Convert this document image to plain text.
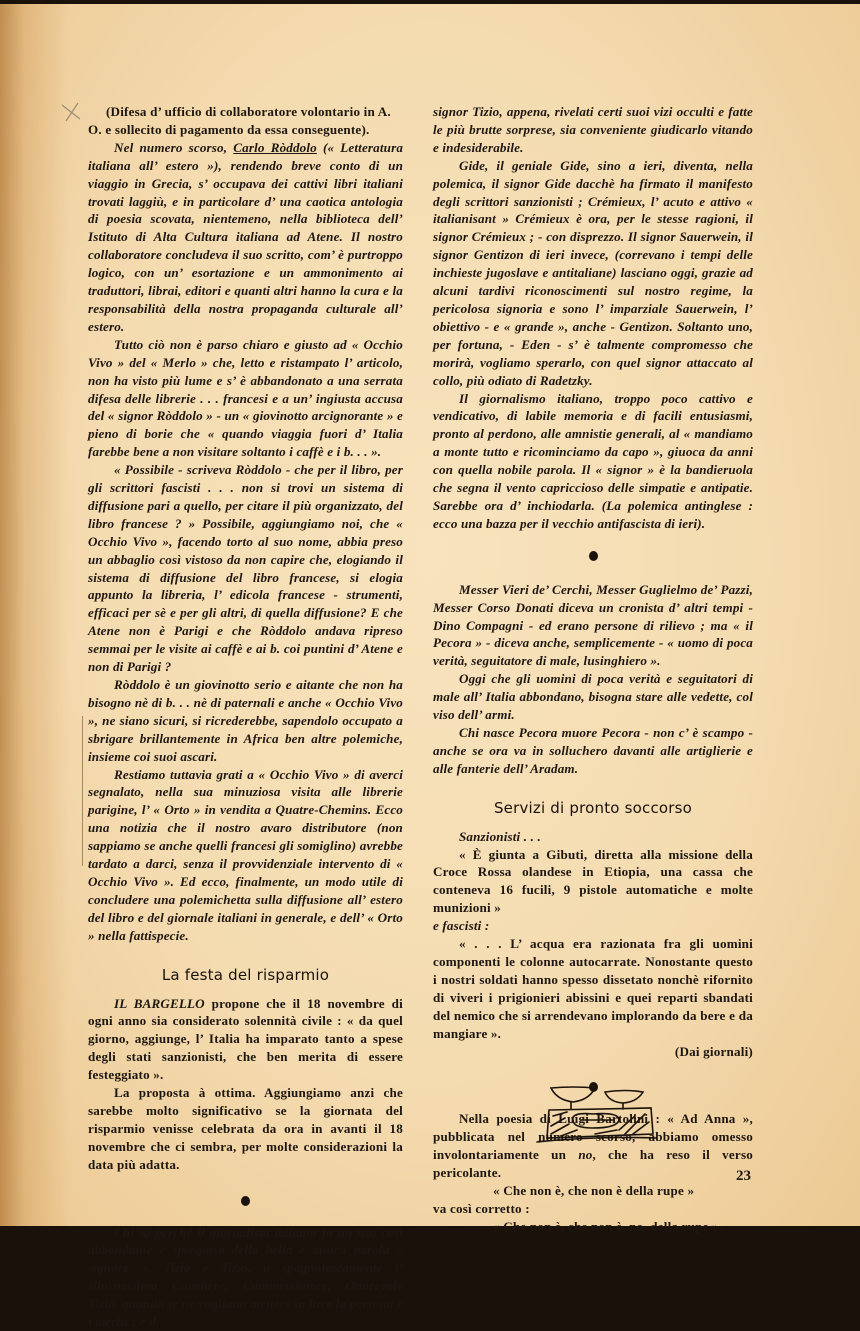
(Difesa d’ ufficio di collaboratore volontario in A.

O. e sollecito di pagamento da essa conseguente).

Nel numero scorso, Carlo Ròddolo (« Letteratura italiana all’ estero »), rendendo breve conto di un viaggio in Grecia, s’ occupava dei cattivi libri italiani trovati laggiù, e in particolare d’ una caotica antologia di poesia scovata, nientemeno, nella biblioteca dell’ Istituto di Alta Cultura italiana ad Atene. Il nostro collaboratore concludeva il suo scritto, com’ è purtroppo logico, con un’ esortazione e un ammonimento ai traduttori, librai, editori e quanti altri hanno la cura e la responsabilità della nostra propaganda culturale all’ estero.

Tutto ciò non è parso chiaro e giusto ad « Occhio Vivo » del « Merlo » che, letto e ristampato l’ articolo, non ha visto più lume e s’ è abbandonato a una serrata difesa delle librerie . . . francesi e a un’ ingiusta accusa del « signor Ròddolo » - un « giovinotto arcignorante » e pieno di borie che « quando viaggia fuori d’ Italia farebbe bene a non visitare soltanto i caffè e i b. . . ».

« Possibile - scriveva Ròddolo - che per il libro, per gli scrittori fascisti . . . non si trovi un sistema di diffusione pari a quello, per citare il più organizzato, del libro francese ? » Possibile, aggiungiamo noi, che « Occhio Vivo », facendo torto al suo nome, abbia preso un abbaglio così vistoso da non capire che, elogiando il sistema di diffusione del libro francese, si elogia appunto la libreria, l’ edicola francese - strumenti, efficaci per sè e per gli altri, di quella diffusione? E che Atene non è Parigi e che Ròddolo andava ripreso semmai per le visite ai caffè e ai b. coi puntini d’ Atene e non di Parigi ?

Ròddolo è un giovinotto serio e aitante che non ha bisogno nè di b. . . nè di paternali e anche « Occhio Vivo », ne siano sicuri, si ricrederebbe, sapendolo occupato a sbrigare brillantemente in Africa ben altre polemiche, insieme coi suoi ascari.

Restiamo tuttavia grati a « Occhio Vivo » di averci segnalato, nella sua minuziosa visita alle librerie parigine, l’ « Orto » in vendita a Quatre-Chemins. Ecco una notizia che il nostro avaro distributore (non sappiamo se anche quelli francesi gli somiglino) avrebbe tardato a darci, senza il provvidenziale intervento di « Occhio Vivo ». Ed ecco, finalmente, un modo utile di concludere una polemichetta sulla diffusione all’ estero del libro e del giornale italiani in generale, e dell’ « Orto » nella fattispecie.

La festa del risparmio

IL BARGELLO propone che il 18 novembre di ogni anno sia considerato solennità civile : « da quel giorno, aggiunge, l’ Italia ha imparato tanto a spese degli stati sanzionisti, che ben merita di essere festeggiato ».

La proposta à ottima. Aggiungiamo anzi che sarebbe molto significativo se la giornata del risparmio venisse celebrata da ora in avanti il 18 novembre che ci sembra, per molte considerazioni la data più adatta.

Chi sa perchè il giornalista italiano fa un uso così abbondante e spregioso della bella e antica parola « signore ». Tizio è Tizio, o spagnolescamente l’ Illustrissimo Cavaliere, Commendatore, Onorevole Tizio, quando se ne vogliano mettere in luce la persona e i meriti ; e il

signor Tizio, appena, rivelati certi suoi vizi occulti e fatte le più brutte sorprese, sia conveniente giudicarlo vitando e indesiderabile.

Gide, il geniale Gide, sino a ieri, diventa, nella polemica, il signor Gide dacchè ha firmato il manifesto degli scrittori sanzionisti ; Crémieux, l’ acuto e attivo « italianisant » Crémieux è ora, per le stesse ragioni, il signor Crémieux ; - con disprezzo. Il signor Sauerwein, il signor Gentizon di ieri invece, (correvano i tempi delle inchieste jugoslave e antitaliane) lasciano oggi, grazie ad alcuni tardivi riconoscimenti sul nostro regime, la pericolosa signoria e sono l’ imparziale Sauerwein, l’ obiettivo - e « grande », anche - Gentizon. Soltanto uno, per fortuna, - Eden - s’ è talmente compromesso che morirà, vogliamo sperarlo, con quel signor attaccato al collo, più odiato di Radetzky.

Il giornalismo italiano, troppo poco cattivo e vendicativo, di labile memoria e di facili entusiasmi, pronto al perdono, alle amnistie generali, al « mandiamo a monte tutto e ricominciamo da capo », giuoca da anni con quella nobile parola. Il « signor » è la bandieruola che segna il vento capriccioso delle simpatie e antipatie. Sarebbe ora d’ inchiodarla. (La polemica antinglese : ecco una bazza per il vecchio antifascista di ieri).

Messer Vieri de’ Cerchi, Messer Guglielmo de’ Pazzi, Messer Corso Donati diceva un cronista d’ altri tempi - Dino Compagni - ed erano persone di rilievo ; ma « il Pecora » - diceva anche, semplicemente - « uomo di poca verità, seguitatore di male, lusinghiero ».

Oggi che gli uomini di poca verità e seguitatori di male all’ Italia abbondano, bisogna stare alle vedette, col viso dell’ armi.

Chi nasce Pecora muore Pecora - non c’ è scampo - anche se ora va in solluchero davanti alle artiglierie e alle fanterie dell’ Aradam.

Servizi di pronto soccorso

Sanzionisti . . .

« È giunta a Gibuti, diretta alla missione della Croce Rossa olandese in Etiopia, una cassa che conteneva 16 fucili, 9 pistole automatiche e molte munizioni »

e fascisti :

« . . . L’ acqua era razionata fra gli uomini componenti le colonne autocarrate. Nonostante questo i nostri soldati hanno spesso dissetato nonchè rifornito di viveri i prigionieri abissini e quei reparti sbandati del nemico che si arrendevano implorando da bere e da mangiare ».

(Dai giornali)

Nella poesia di Luigi Bartolini : « Ad Anna », pubblicata nel numero scorso, abbiamo omesso involontariamente un no, che ha reso il verso pericolante.

« Che non è, che non è della rupe »

va così corretto :

« Che non è, che non è, no, della rupe ».

23
